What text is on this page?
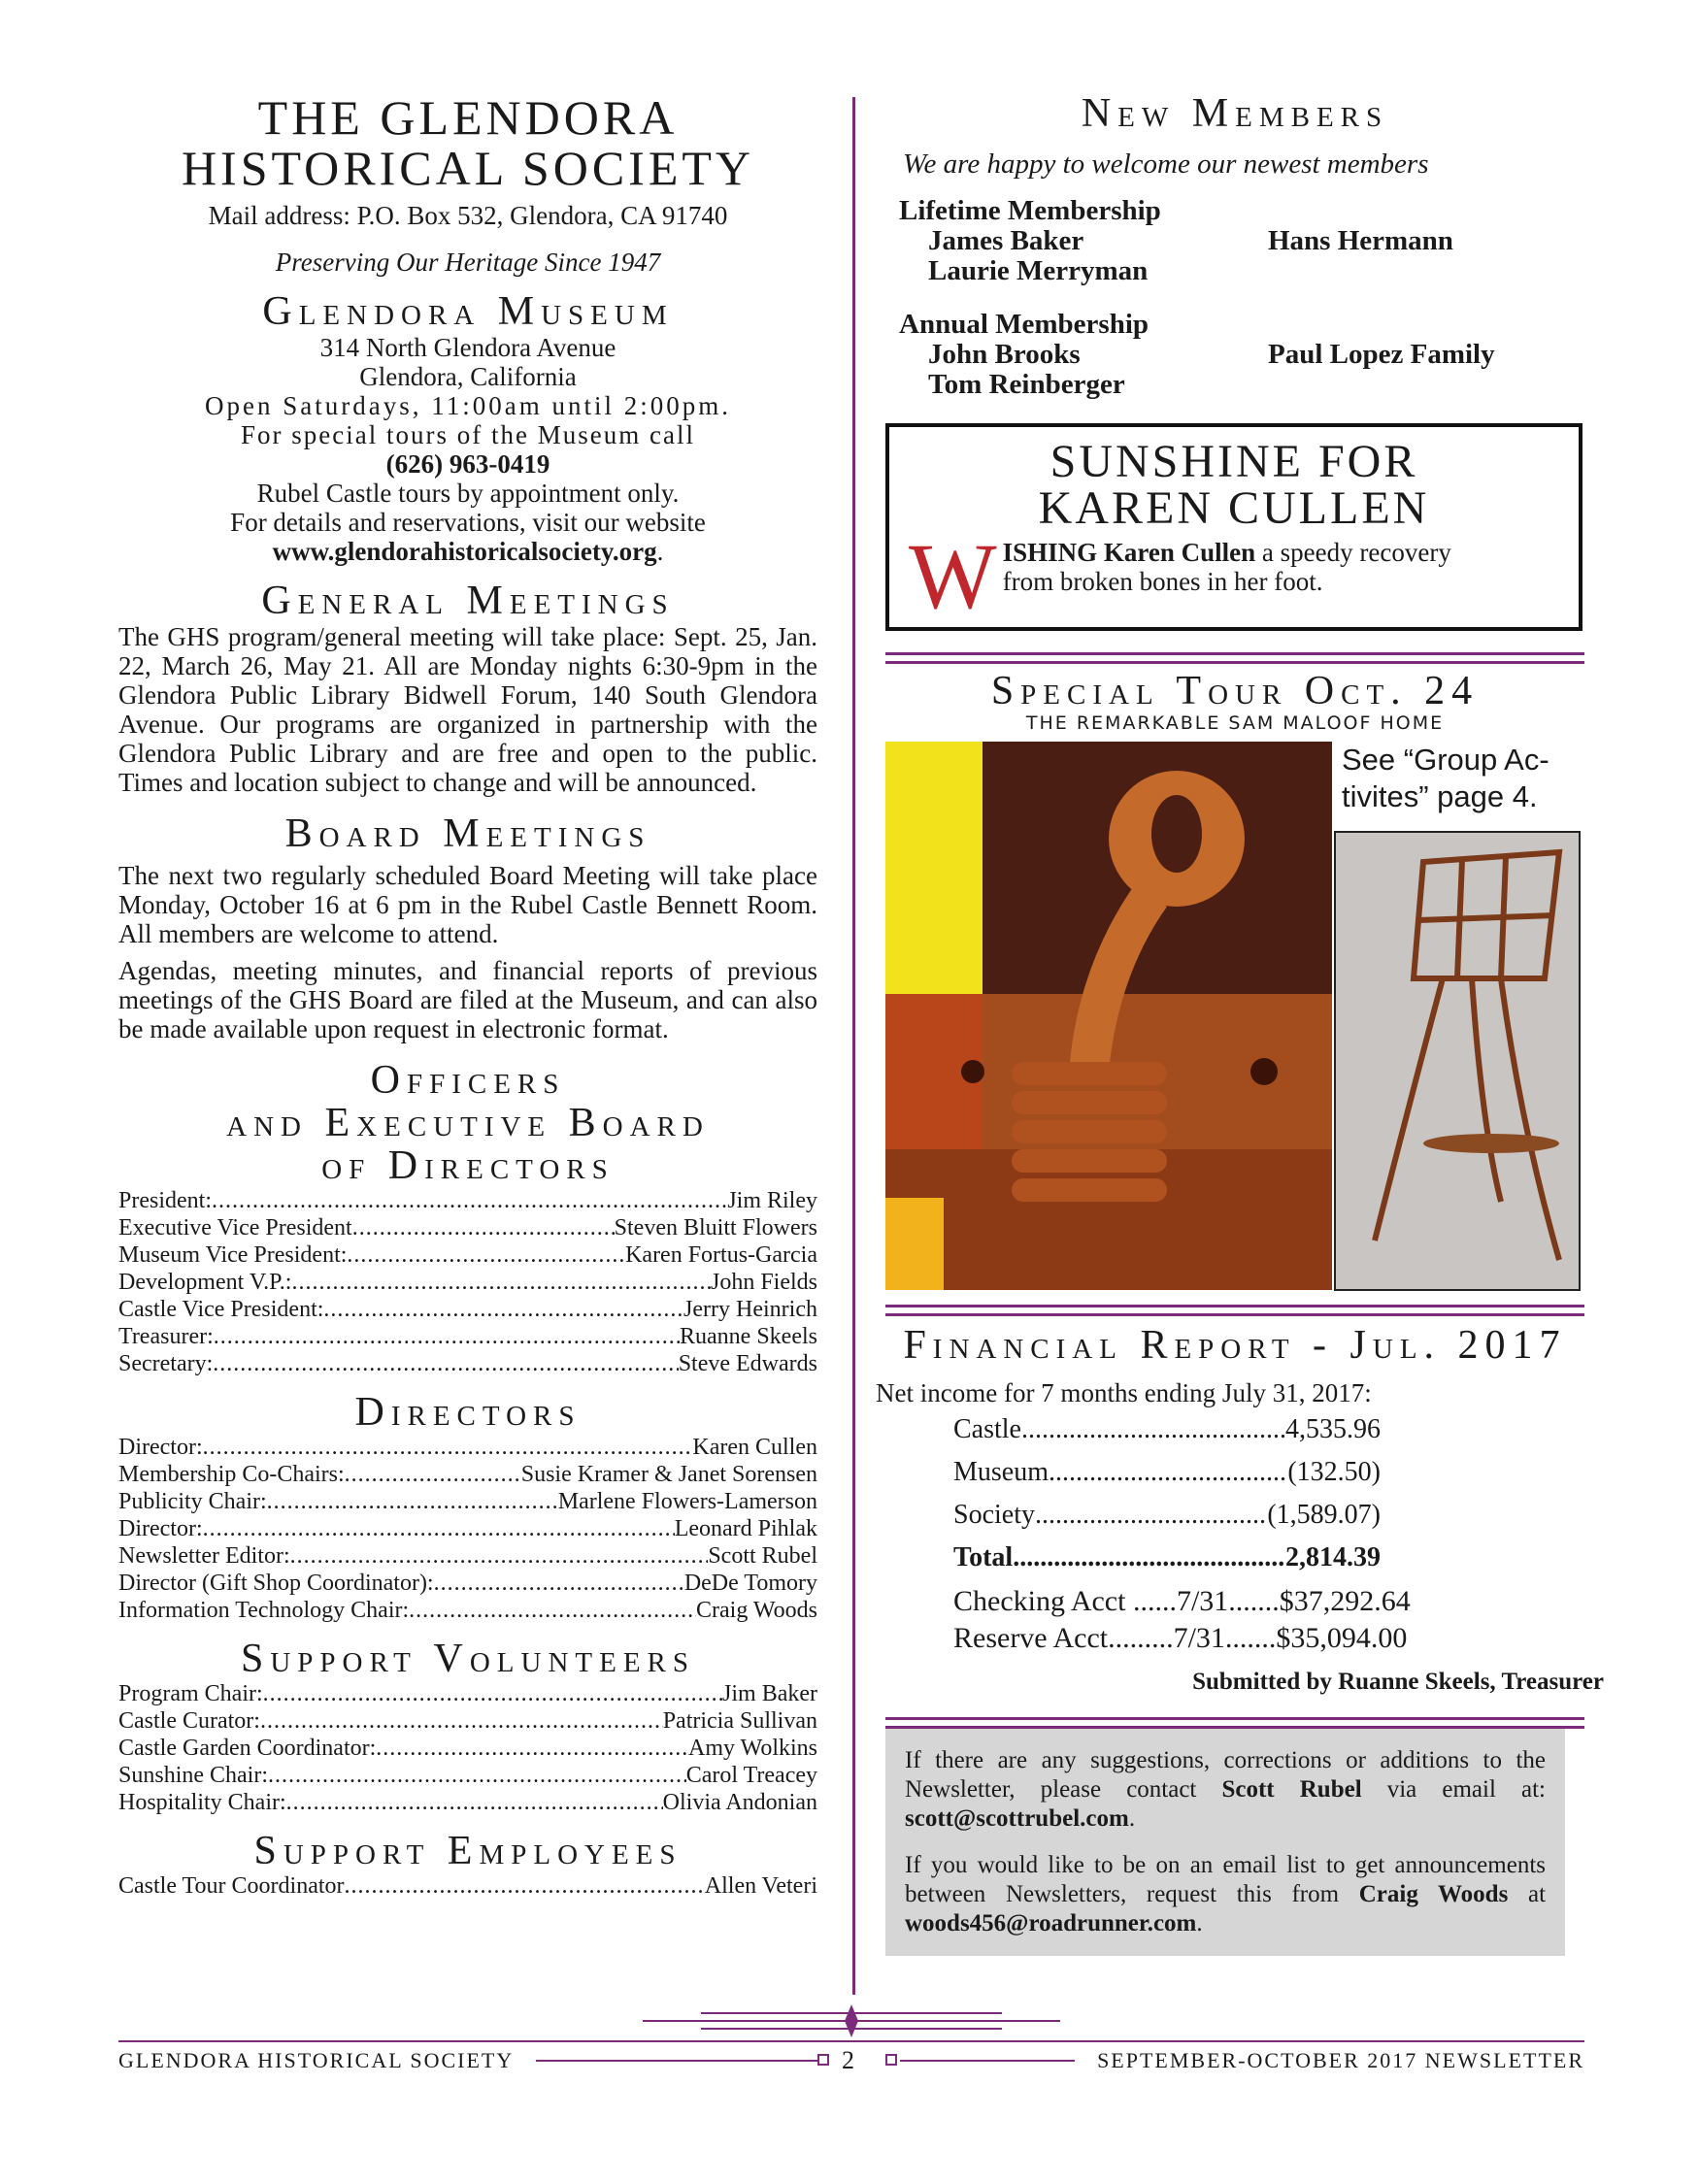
THE GLENDORA
HISTORICAL SOCIETY
Mail address: P.O. Box 532, Glendora, CA 91740
Preserving Our Heritage Since 1947
Glendora Museum
314 North Glendora Avenue
Glendora, California
Open Saturdays, 11:00am until 2:00pm.
For special tours of the Museum call
(626) 963-0419
Rubel Castle tours by appointment only.
For details and reservations, visit our website
www.glendorahistoricalsociety.org.
General Meetings
The GHS program/general meeting will take place: Sept. 25, Jan. 22, March 26, May 21. All are Monday nights 6:30-9pm in the Glendora Public Library Bidwell Forum, 140 South Glendora Avenue. Our programs are organized in partnership with the Glendora Public Library and are free and open to the public. Times and location subject to change and will be announced.
Board Meetings
The next two regularly scheduled Board Meeting will take place Monday, October 16 at 6 pm in the Rubel Castle Bennett Room. All members are welcome to attend.
Agendas, meeting minutes, and financial reports of previous meetings of the GHS Board are filed at the Museum, and can also be made available upon request in electronic format.
Officers
and Executive Board
of Directors
President: .....	Jim Riley
Executive Vice President .....	Steven Bluitt Flowers
Museum Vice President: .....	Karen Fortus-Garcia
Development V.P.: .....	John Fields
Castle Vice President: .....	Jerry Heinrich
Treasurer: .....	Ruanne Skeels
Secretary: .....	Steve Edwards
Directors
Director: .....	Karen Cullen
Membership Co-Chairs: .....	Susie Kramer & Janet Sorensen
Publicity Chair: .....	Marlene Flowers-Lamerson
Director: .....	Leonard Pihlak
Newsletter Editor: .....	Scott Rubel
Director (Gift Shop Coordinator): .....	DeDe Tomory
Information Technology Chair: .....	Craig Woods
Support Volunteers
Program Chair: .....	Jim Baker
Castle Curator: .....	Patricia Sullivan
Castle Garden Coordinator: .....	Amy Wolkins
Sunshine Chair: .....	Carol Treacey
Hospitality Chair: .....	Olivia Andonian
Support Employees
Castle Tour Coordinator .....	Allen Veteri
New Members
We are happy to welcome our newest members
Lifetime Membership
James Baker
Laurie Merryman
Hans Hermann
Annual Membership
John Brooks
Tom Reinberger
Paul Lopez Family
SUNSHINE FOR
KAREN CULLEN
W ISHING Karen Cullen a speedy recovery
from broken bones in her foot.
Special Tour Oct. 24
THE REMARKABLE SAM MALOOF HOME
See “Group Ac-
tivites” page 4.
Financial Report - Jul. 2017
Net income for 7 months ending July 31, 2017:
Castle .....	4,535.96
Museum .....	(132.50)
Society .....	(1,589.07)
Total .....	2,814.39
Checking Acct ......7/31.......$37,292.64
Reserve Acct.........7/31.......$35,094.00
Submitted by Ruanne Skeels, Treasurer

If there are any suggestions, corrections or additions to the Newsletter, please contact Scott Rubel via email at: scott@scottrubel.com.

If you would like to be on an email list to get announcements between Newsletters, request this from Craig Woods at woods456@roadrunner.com.

GLENDORA HISTORICAL SOCIETY	2	SEPTEMBER-OCTOBER 2017 NEWSLETTER
